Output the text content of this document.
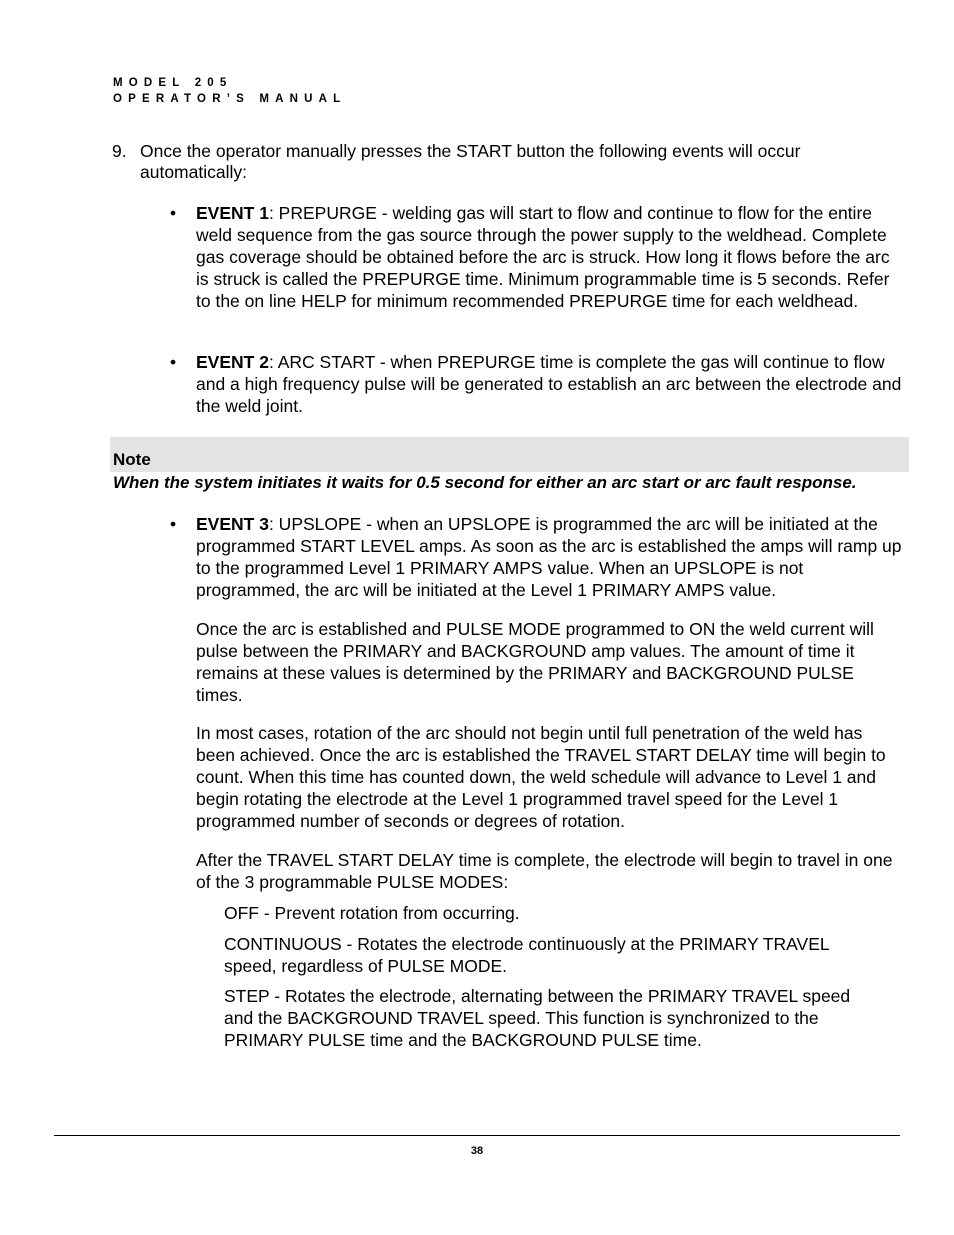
MODEL 205
OPERATOR’S MANUAL
9. Once the operator manually presses the START button the following events will occur automatically:
• EVENT 1: PREPURGE - welding gas will start to flow and continue to flow for the entire weld sequence from the gas source through the power supply to the weldhead. Complete gas coverage should be obtained before the arc is struck. How long it flows before the arc is struck is called the PREPURGE time. Minimum programmable time is 5 seconds. Refer to the on line HELP for minimum recommended PREPURGE time for each weldhead.
• EVENT 2: ARC START - when PREPURGE time is complete the gas will continue to flow and a high frequency pulse will be generated to establish an arc between the electrode and the weld joint.
Note
When the system initiates it waits for 0.5 second for either an arc start or arc fault response.
• EVENT 3: UPSLOPE - when an UPSLOPE is programmed the arc will be initiated at the programmed START LEVEL amps. As soon as the arc is established the amps will ramp up to the programmed Level 1 PRIMARY AMPS value. When an UPSLOPE is not programmed, the arc will be initiated at the Level 1 PRIMARY AMPS value.
Once the arc is established and PULSE MODE programmed to ON the weld current will pulse between the PRIMARY and BACKGROUND amp values. The amount of time it remains at these values is determined by the PRIMARY and BACKGROUND PULSE times.
In most cases, rotation of the arc should not begin until full penetration of the weld has been achieved. Once the arc is established the TRAVEL START DELAY time will begin to count. When this time has counted down, the weld schedule will advance to Level 1 and begin rotating the electrode at the Level 1 programmed travel speed for the Level 1 programmed number of seconds or degrees of rotation.
After the TRAVEL START DELAY time is complete, the electrode will begin to travel in one of the 3 programmable PULSE MODES:
OFF - Prevent rotation from occurring.
CONTINUOUS - Rotates the electrode continuously at the PRIMARY TRAVEL speed, regardless of PULSE MODE.
STEP - Rotates the electrode, alternating between the PRIMARY TRAVEL speed and the BACKGROUND TRAVEL speed. This function is synchronized to the PRIMARY PULSE time and the BACKGROUND PULSE time.
38
